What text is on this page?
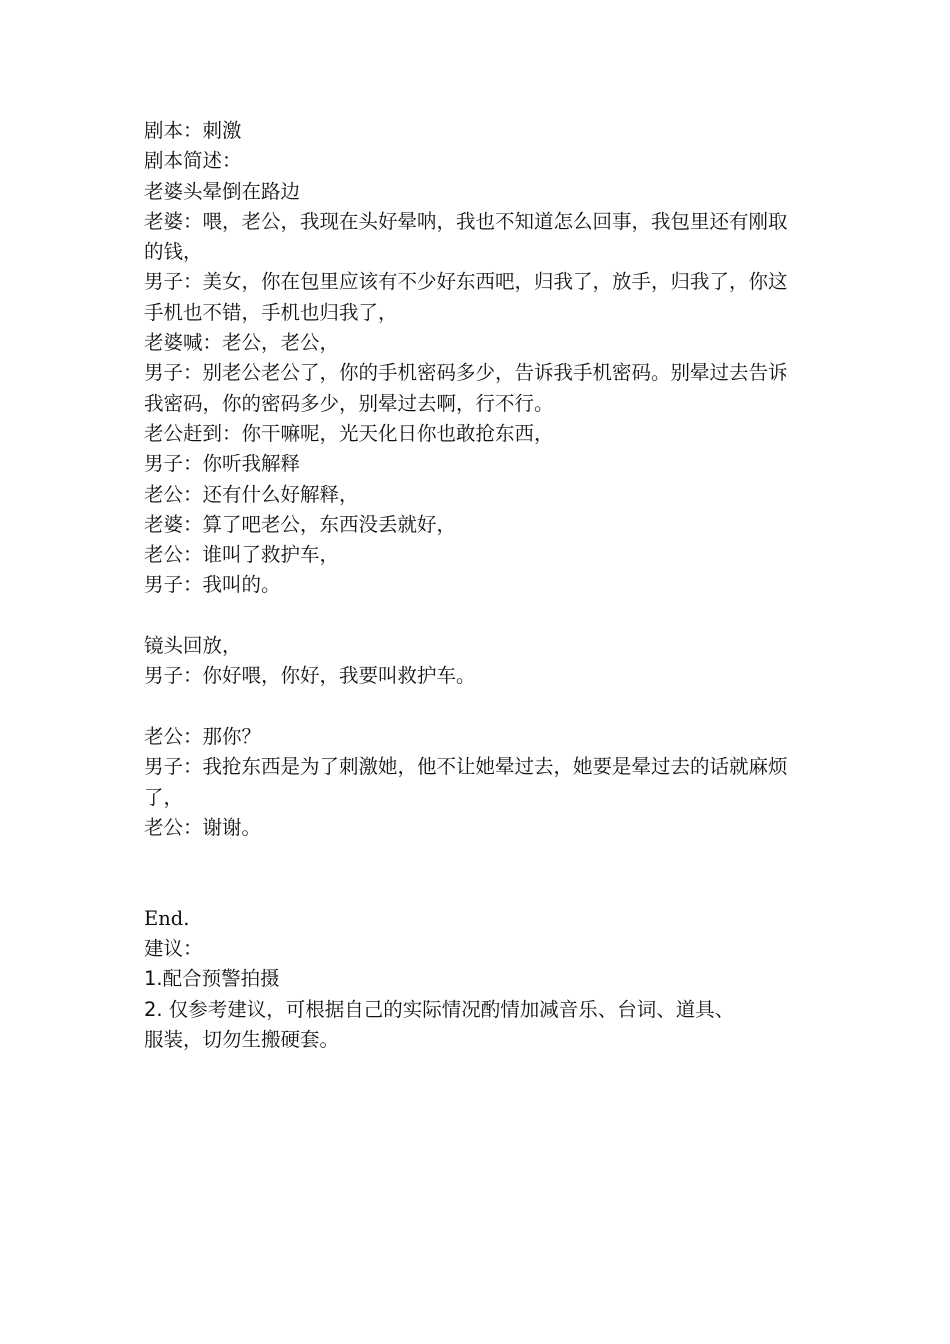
剧本：刺激
剧本简述：
老婆头晕倒在路边
老婆：喂，老公，我现在头好晕呐，我也不知道怎么回事，我包里还有刚取的钱，
男子：美女，你在包里应该有不少好东西吧，归我了，放手，归我了，你这手机也不错，手机也归我了，
老婆喊：老公，老公，
男子：别老公老公了，你的手机密码多少，告诉我手机密码。别晕过去告诉我密码，你的密码多少，别晕过去啊，行不行。
老公赶到：你干嘛呢，光天化日你也敢抢东西，
男子：你听我解释
老公：还有什么好解释，
老婆：算了吧老公，东西没丢就好，
老公：谁叫了救护车，
男子：我叫的。
镜头回放，
男子：你好喂，你好，我要叫救护车。
老公：那你？
男子：我抢东西是为了刺激她，他不让她晕过去，她要是晕过去的话就麻烦了，
老公：谢谢。
End.
建议：
1.配合预警拍摄
2. 仅参考建议，可根据自己的实际情况酌情加减音乐、台词、道具、服装，切勿生搬硬套。
